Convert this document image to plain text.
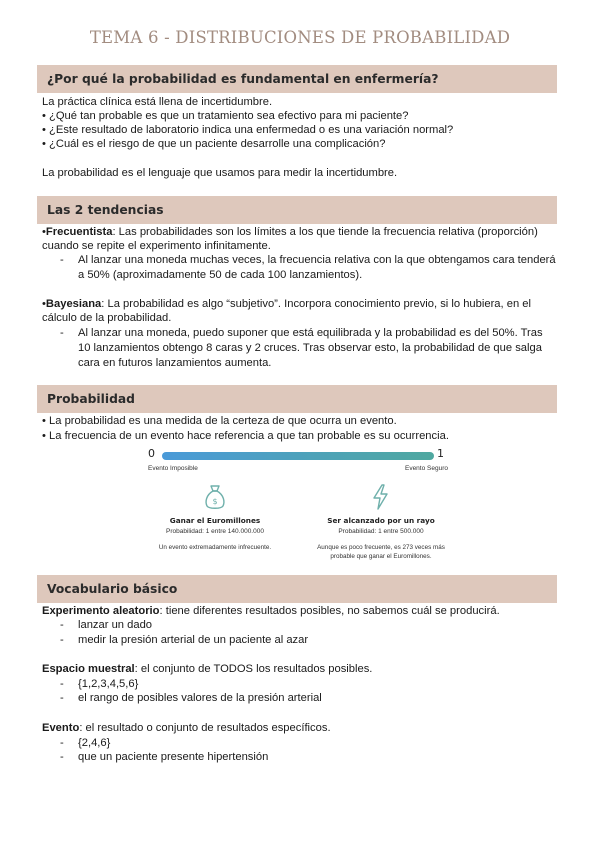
TEMA 6 - DISTRIBUCIONES DE PROBABILIDAD
¿Por qué la probabilidad es fundamental en enfermería?
La práctica clínica está llena de incertidumbre.
• ¿Qué tan probable es que un tratamiento sea efectivo para mi paciente?
• ¿Este resultado de laboratorio indica una enfermedad o es una variación normal?
• ¿Cuál es el riesgo de que un paciente desarrolle una complicación?
La probabilidad es el lenguaje que usamos para medir la incertidumbre.
Las 2 tendencias
•Frecuentista: Las probabilidades son los límites a los que tiende la frecuencia relativa (proporción)
cuando se repite el experimento infinitamente.
- Al lanzar una moneda muchas veces, la frecuencia relativa con la que obtengamos cara tenderá a 50% (aproximadamente 50 de cada 100 lanzamientos).
•Bayesiana: La probabilidad es algo “subjetivo”. Incorpora conocimiento previo, si lo hubiera, en el
cálculo de la probabilidad.
- Al lanzar una moneda, puedo suponer que está equilibrada y la probabilidad es del 50%. Tras 10 lanzamientos obtengo 8 caras y 2 cruces. Tras observar esto, la probabilidad de que salga cara en futuros lanzamientos aumenta.
Probabilidad
• La probabilidad es una medida de la certeza de que ocurra un evento.
• La frecuencia de un evento hace referencia a que tan probable es su ocurrencia.
0	1
Evento Imposible	Evento Seguro
$
Ganar el Euromillones
Probabilidad: 1 entre 140.000.000
Un evento extremadamente infrecuente.
Ser alcanzado por un rayo
Probabilidad: 1 entre 500.000
Aunque es poco frecuente, es 273 veces más probable que ganar el Euromillones.
Vocabulario básico
Experimento aleatorio: tiene diferentes resultados posibles, no sabemos cuál se producirá.
- lanzar un dado
- medir la presión arterial de un paciente al azar
Espacio muestral: el conjunto de TODOS los resultados posibles.
- {1,2,3,4,5,6}
- el rango de posibles valores de la presión arterial
Evento: el resultado o conjunto de resultados específicos.
- {2,4,6}
- que un paciente presente hipertensión
